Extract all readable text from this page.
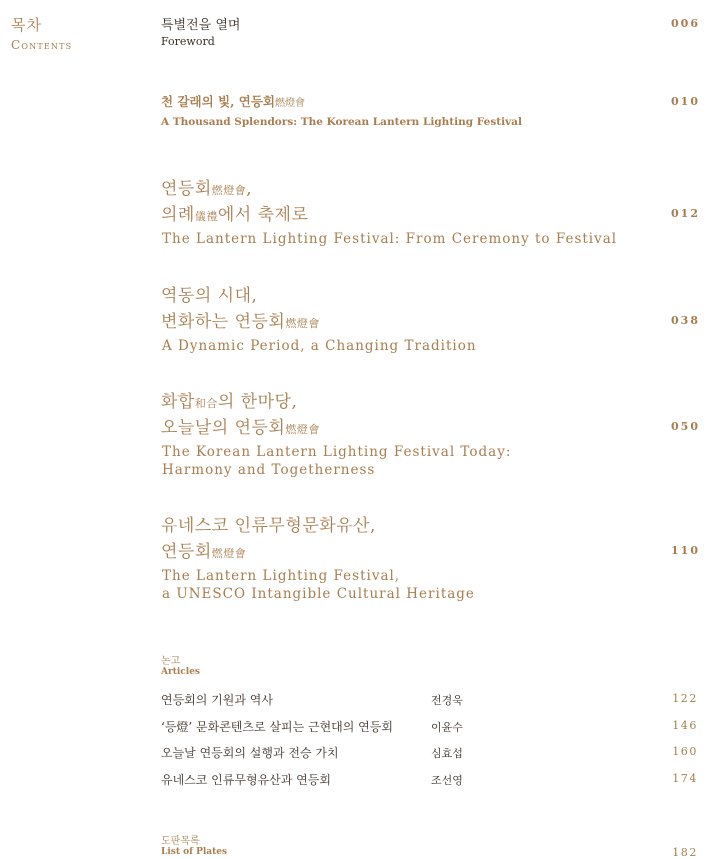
목차
Contents
특별전을 열며
Foreword
006
천 갈래의 빛, 연등회燃燈會
A Thousand Splendors: The Korean Lantern Lighting Festival
010
연등회燃燈會,
의례儀禮에서 축제로
The Lantern Lighting Festival: From Ceremony to Festival
012
역동의 시대,
변화하는 연등회燃燈會
A Dynamic Period, a Changing Tradition
038
화합和合의 한마당,
오늘날의 연등회燃燈會
The Korean Lantern Lighting Festival Today:
Harmony and Togetherness
050
유네스코 인류무형문화유산,
연등회燃燈會
The Lantern Lighting Festival,
a UNESCO Intangible Cultural Heritage
110
논고
Articles
연등회의 기원과 역사	전경욱	122
‘등燈’ 문화콘텐츠로 살피는 근현대의 연등회	이윤수	146
오늘날 연등회의 설행과 전승 가치	심효섭	160
유네스코 인류무형유산과 연등회	조선영	174
도판목록
List of Plates	182
